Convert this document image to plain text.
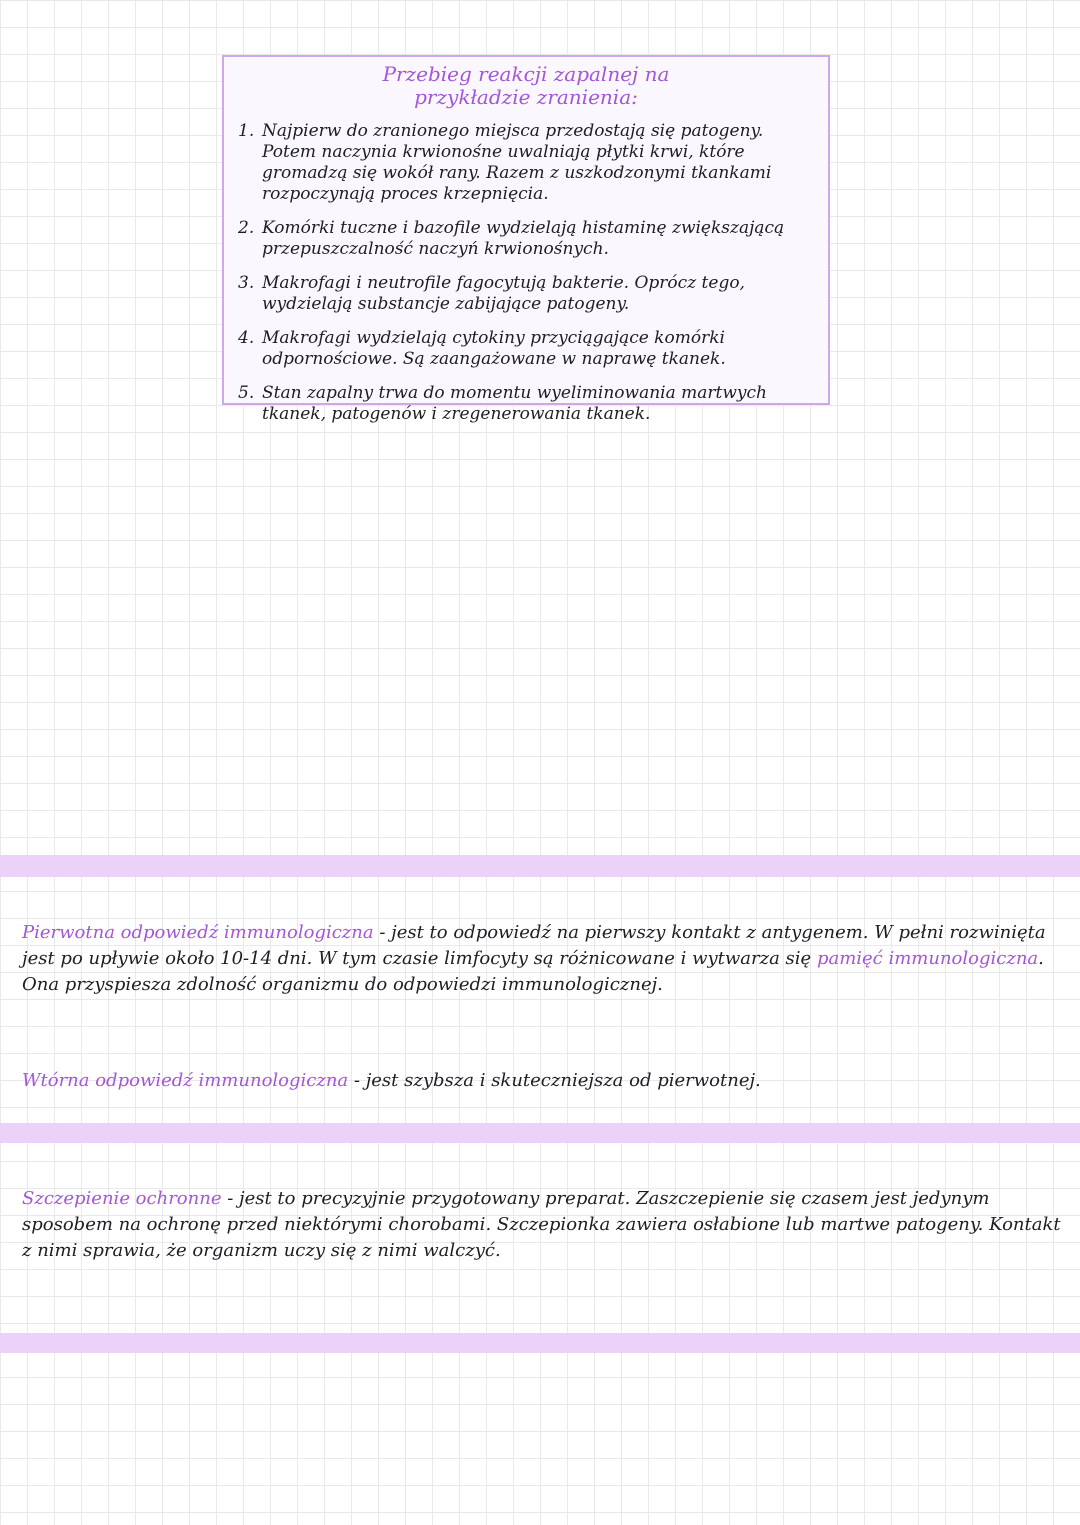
Przebieg reakcji zapalnej na
przykładzie zranienia:
1. Najpierw do zranionego miejsca przedostają się patogeny. Potem naczynia krwionośne uwalniają płytki krwi, które gromadzą się wokół rany. Razem z uszkodzonymi tkankami rozpoczynają proces krzepnięcia.
2. Komórki tuczne i bazofile wydzielają histaminę zwiększającą przepuszczalność naczyń krwionośnych.
3. Makrofagi i neutrofile fagocytują bakterie. Oprócz tego, wydzielają substancje zabijające patogeny.
4. Makrofagi wydzielają cytokiny przyciągające komórki odpornościowe. Są zaangażowane w naprawę tkanek.
5. Stan zapalny trwa do momentu wyeliminowania martwych tkanek, patogenów i zregenerowania tkanek.

Pierwotna odpowiedź immunologiczna - jest to odpowiedź na pierwszy kontakt z antygenem. W pełni rozwinięta jest po upływie około 10-14 dni. W tym czasie limfocyty są różnicowane i wytwarza się pamięć immunologiczna. Ona przyspiesza zdolność organizmu do odpowiedzi immunologicznej.

Wtórna odpowiedź immunologiczna - jest szybsza i skuteczniejsza od pierwotnej.

Szczepienie ochronne - jest to precyzyjnie przygotowany preparat. Zaszczepienie się czasem jest jedynym sposobem na ochronę przed niektórymi chorobami. Szczepionka zawiera osłabione lub martwe patogeny. Kontakt z nimi sprawia, że organizm uczy się z nimi walczyć.
